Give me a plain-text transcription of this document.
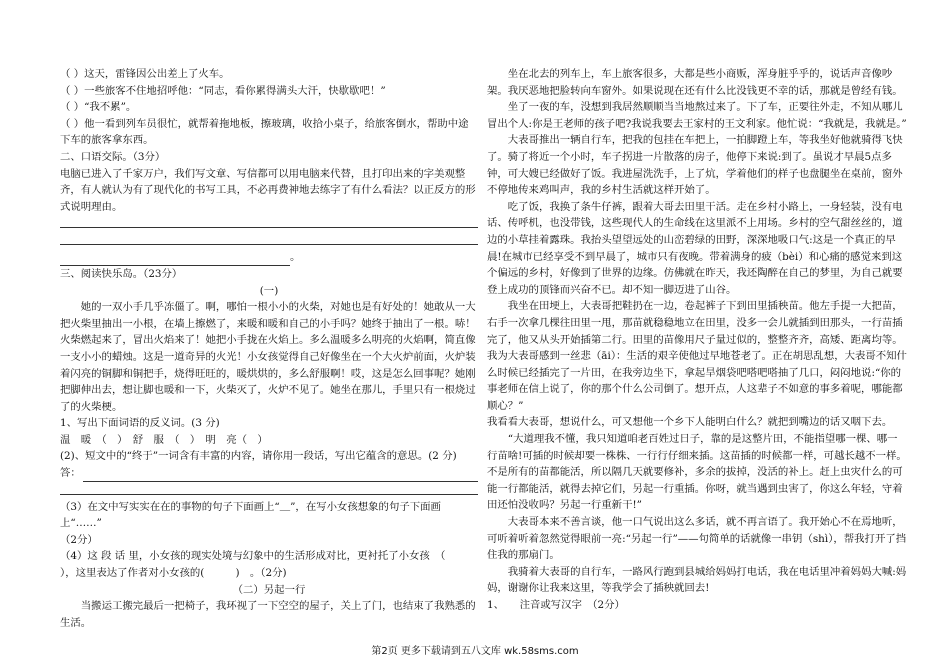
（ ）这天，雷锋因公出差上了火车。

（ ）一些旅客不住地招呼他：“同志，看你累得满头大汗，快歇歇吧！”

（ ）“我不累”。

（ ）他一看到列车员很忙，就帮着拖地板，擦玻璃，收拾小桌子，给旅客倒水，帮助中途下车的旅客拿东西。

二、口语交际。（3分）

电脑已进入了千家万户，我们写文章、写信都可以用电脑来代替，且打印出来的字美观整齐，有人就认为有了现代化的书写工具，不必再费神地去练字了有什么看法？以正反方的形式说明理由。

。

三、阅读快乐岛。（23分）

(一)

她的一双小手几乎冻僵了。啊，哪怕一根小小的火柴，对她也是有好处的！她敢从一大把火柴里抽出一小根，在墙上擦燃了，来暖和暖和自己的小手吗？她终于抽出了一根。哧！火柴燃起来了，冒出火焰来了！她把小手拢在火焰上。多么温暖多么明亮的火焰啊，简直像一支小小的蜡烛。这是一道奇异的火光！小女孩觉得自己好像坐在一个大火炉前面，火炉装着闪亮的铜脚和铜把手，烧得旺旺的，暖烘烘的，多么舒服啊！哎，这是怎么回事呢？她刚把脚伸出去，想让脚也暖和一下，火柴灭了，火炉不见了。她坐在那儿，手里只有一根烧过了的火柴梗。

1、写出下面词语的反义词。(3 分)

温　暖　（　）　舒　服　（　）　明　亮（　）

(2)、短文中的“终于”一词含有丰富的内容，请你用一段话，写出它蕴含的意思。(2 分)

答：

（3）在文中写实实在在的事物的句子下面画上“＿”，在写小女孩想象的句子下面画上“……”

（2分）

（4）这 段 话 里，小女孩的现实处境与幻象中的生活形成对比，更衬托了小女孩　（

），这里表达了作者对小女孩的(　　　)　。（2分)

（二）另起一行

当搬运工搬完最后一把椅子，我环视了一下空空的屋子，关上了门，也结束了我熟悉的生活。

坐在北去的列车上，车上旅客很多，大都是些小商贩，浑身脏乎乎的，说话声音像吵架。我厌恶地把脸转向车窗外。如果说现在还有什么比没钱更不幸的话，那就是曾经有钱。

坐了一夜的车，没想到我居然顺顺当当地熬过来了。下了车，正要往外走，不知从哪儿冒出个人:你是王老师的孩子吧?我说我要去王家村的王文利家。他忙说：“我就是，我就是。”

大表哥推出一辆自行车，把我的包挂在车把上，一拍脚蹬上车，等我坐好他就骑得飞快了。骑了将近一个小时，车子拐进一片散落的房子，他停下来说:到了。虽说才早晨5点多钟，可大嫂已经做好了饭。我进屋洗洗手，上了炕，学着他们的样子也盘腿坐在桌前，窗外不停地传来鸡叫声，我的乡村生活就这样开始了。

吃了饭，我换了条牛仔裤，跟着大哥去田里干活。走在乡村小路上，一身轻装，没有电话、传呼机，也没带钱，这些现代人的生命线在这里派不上用场。乡村的空气甜丝丝的，道边的小草挂着露珠。我抬头望望远处的山峦碧绿的田野，深深地吸口气:这是一个真正的早晨!在城市已经享受不到早晨了，城市只有夜晚。带着满身的疲（bèi）和心痛的感觉来到这个偏远的乡村，好像到了世界的边缘。仿佛就在昨天，我还陶醉在自己的梦里，为自己就要登上成功的顶锋而兴奋不已。却不知一脚迈进了山谷。

我坐在田埂上，大表哥把鞋扔在一边，卷起裤子下到田里插秧苗。他左手提一大把苗，右手一次拿几棵往田里一甩，那苗就稳稳地立在田里，没多一会儿就插到田那头，一行苗插完了，他又从头开始插第二行。田里的苗像用尺子量过似的，整整齐齐，高矮、距离均等。我为大表哥感到一丝悲（āi）：生活的艰辛使他过早地苍老了。正在胡思乱想，大表哥不知什么时候已经插完了一片田，在我旁边坐下，拿起旱烟袋吧嗒吧嗒抽了几口，闷闷地说:“你的事老师在信上说了，你的那个什么公司倒了。想开点，人这辈子不如意的事多着呢，哪能都顺心？”

我看看大表哥，想说什么，可又想他一个乡下人能明白什么？就把到嘴边的话又咽下去。

“大道理我不懂，我只知道咱老百姓过日子，靠的是这整片田，不能指望哪一棵、哪一行苗啥!可插的时候却要一株株、一行行仔细来插。这苗插的时候都一样，可越长越不一样。不是所有的苗都能活，所以隔几天就要修补，多余的拔掉，没活的补上。赶上虫灾什么的可能一行都能活，就得去掉它们，另起一行重插。你呀，就当遇到虫害了，你这么年轻，守着田还怕没收吗？另起一行重新干!”

大表哥本来不善言谈，他一口气说出这么多话，就不再言语了。我开始心不在焉地听，可听着听着忽然觉得眼前一亮:“另起一行”——句简单的话就像一串钥（shì），帮我打开了挡住我的那扇门。

我骑着大表哥的自行车，一路风行跑到县城给妈妈打电话，我在电话里冲着妈妈大喊:妈妈，谢谢你让我来这里，等我学会了插秧就回去!

1、　　注音或写汉字　（2分）

第2页 更多下载请到五八文库 wk.58sms.com
